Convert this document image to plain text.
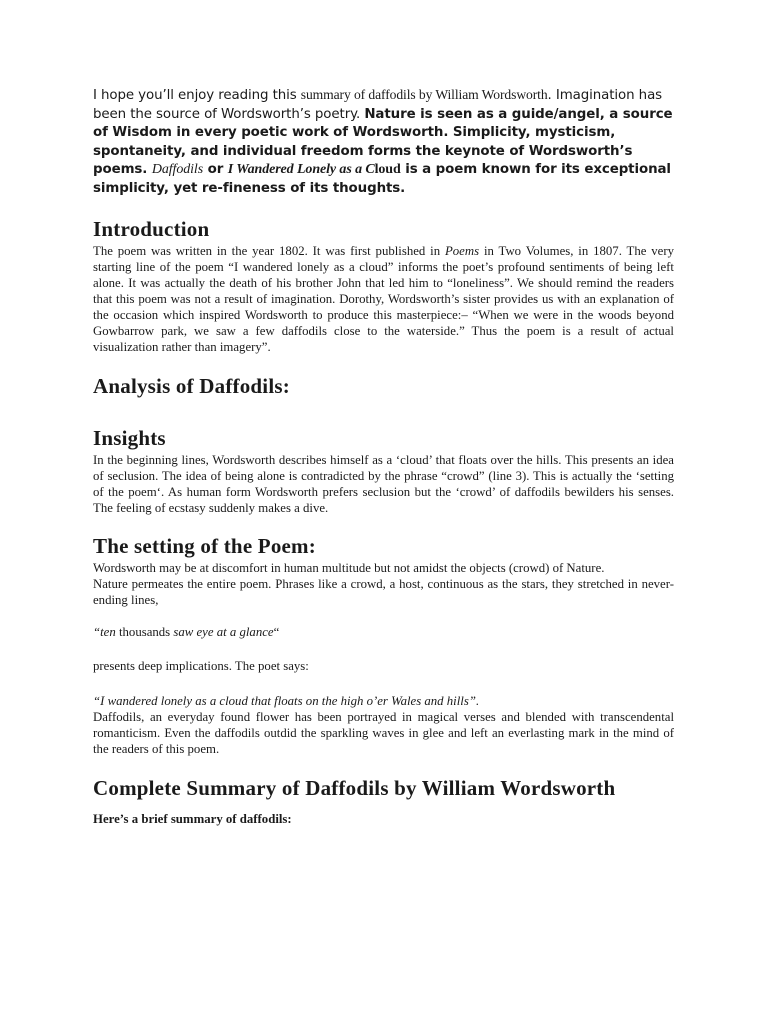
I hope you’ll enjoy reading this summary of daffodils by William Wordsworth. Imagination has been the source of Wordsworth’s poetry. Nature is seen as a guide/angel, a source of Wisdom in every poetic work of Wordsworth. Simplicity, mysticism, spontaneity, and individual freedom forms the keynote of Wordsworth’s poems. Daffodils or I Wandered Lonely as a Cloud is a poem known for its exceptional simplicity, yet re-fineness of its thoughts.

Introduction

The poem was written in the year 1802. It was first published in Poems in Two Volumes, in 1807. The very starting line of the poem “I wandered lonely as a cloud” informs the poet’s profound sentiments of being left alone. It was actually the death of his brother John that led him to “loneliness”. We should remind the readers that this poem was not a result of imagination. Dorothy, Wordsworth’s sister provides us with an explanation of the occasion which inspired Wordsworth to produce this masterpiece:– “When we were in the woods beyond Gowbarrow park, we saw a few daffodils close to the waterside.” Thus the poem is a result of actual visualization rather than imagery”.

Analysis of Daffodils:
Insights

In the beginning lines, Wordsworth describes himself as a ‘cloud’ that floats over the hills. This presents an idea of seclusion. The idea of being alone is contradicted by the phrase “crowd” (line 3). This is actually the ‘setting of the poem‘. As human form Wordsworth prefers seclusion but the ‘crowd’ of daffodils bewilders his senses. The feeling of ecstasy suddenly makes a dive.

The setting of the Poem:

Wordsworth may be at discomfort in human multitude but not amidst the objects (crowd) of Nature.
Nature permeates the entire poem. Phrases like a crowd, a host, continuous as the stars, they stretched in never-ending lines,

“ten thousands saw eye at a glance“

presents deep implications. The poet says:

“I wandered lonely as a cloud that floats on the high o’er Wales and hills”.

Daffodils, an everyday found flower has been portrayed in magical verses and blended with transcendental romanticism. Even the daffodils outdid the sparkling waves in glee and left an everlasting mark in the mind of the readers of this poem.

Complete Summary of Daffodils by William Wordsworth

Here’s a brief summary of daffodils:
